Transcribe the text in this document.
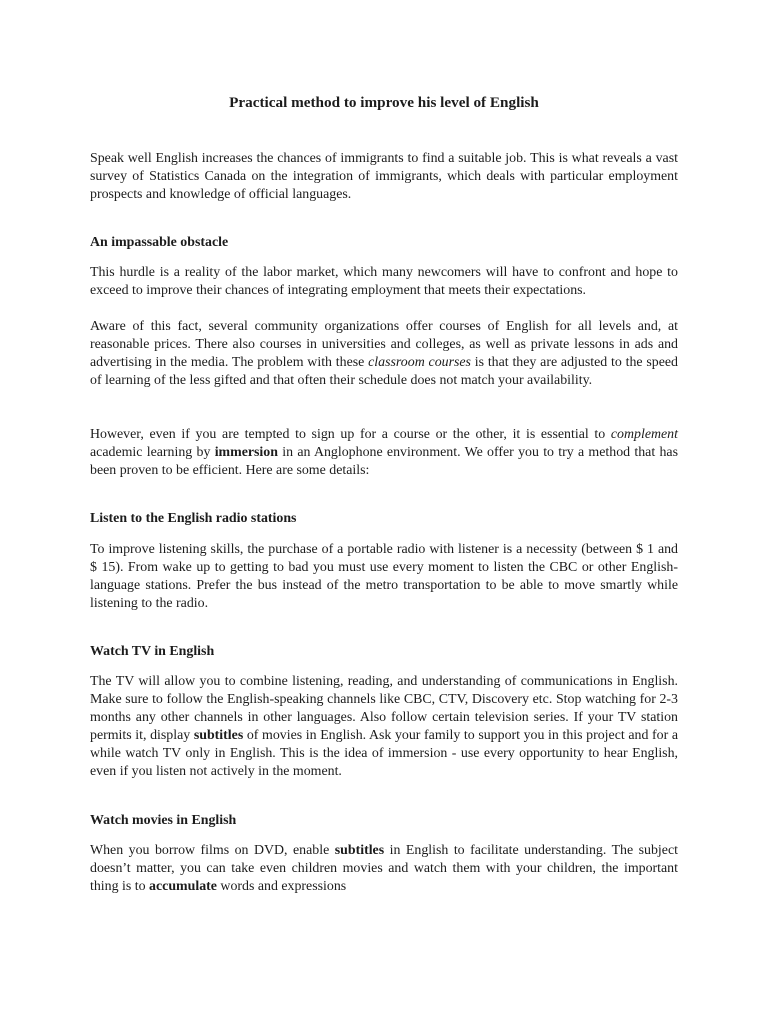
Practical method to improve his level of English

Speak well English increases the chances of immigrants to find a suitable job. This is what reveals a vast survey of Statistics Canada on the integration of immigrants, which deals with particular employment prospects and knowledge of official languages.

An impassable obstacle

This hurdle is a reality of the labor market, which many newcomers will have to confront and hope to exceed to improve their chances of integrating employment that meets their expectations.

Aware of this fact, several community organizations offer courses of English for all levels and, at reasonable prices. There also courses in universities and colleges, as well as private lessons in ads and advertising in the media. The problem with these classroom courses is that they are adjusted to the speed of learning of the less gifted and that often their schedule does not match your availability.

However, even if you are tempted to sign up for a course or the other, it is essential to complement academic learning by immersion in an Anglophone environment. We offer you to try a method that has been proven to be efficient. Here are some details:

Listen to the English radio stations

To improve listening skills, the purchase of a portable radio with listener is a necessity (between $ 1 and $ 15). From wake up to getting to bad you must use every moment to listen the CBC or other English-language stations. Prefer the bus instead of the metro transportation to be able to move smartly while listening to the radio.

Watch TV in English

The TV will allow you to combine listening, reading, and understanding of communications in English. Make sure to follow the English-speaking channels like CBC, CTV, Discovery etc. Stop watching for 2-3 months any other channels in other languages. Also follow certain television series. If your TV station permits it, display subtitles of movies in English. Ask your family to support you in this project and for a while watch TV only in English. This is the idea of immersion - use every opportunity to hear English, even if you listen not actively in the moment.

Watch movies in English

When you borrow films on DVD, enable subtitles in English to facilitate understanding. The subject doesn’t matter, you can take even children movies and watch them with your children, the important thing is to accumulate words and expressions
